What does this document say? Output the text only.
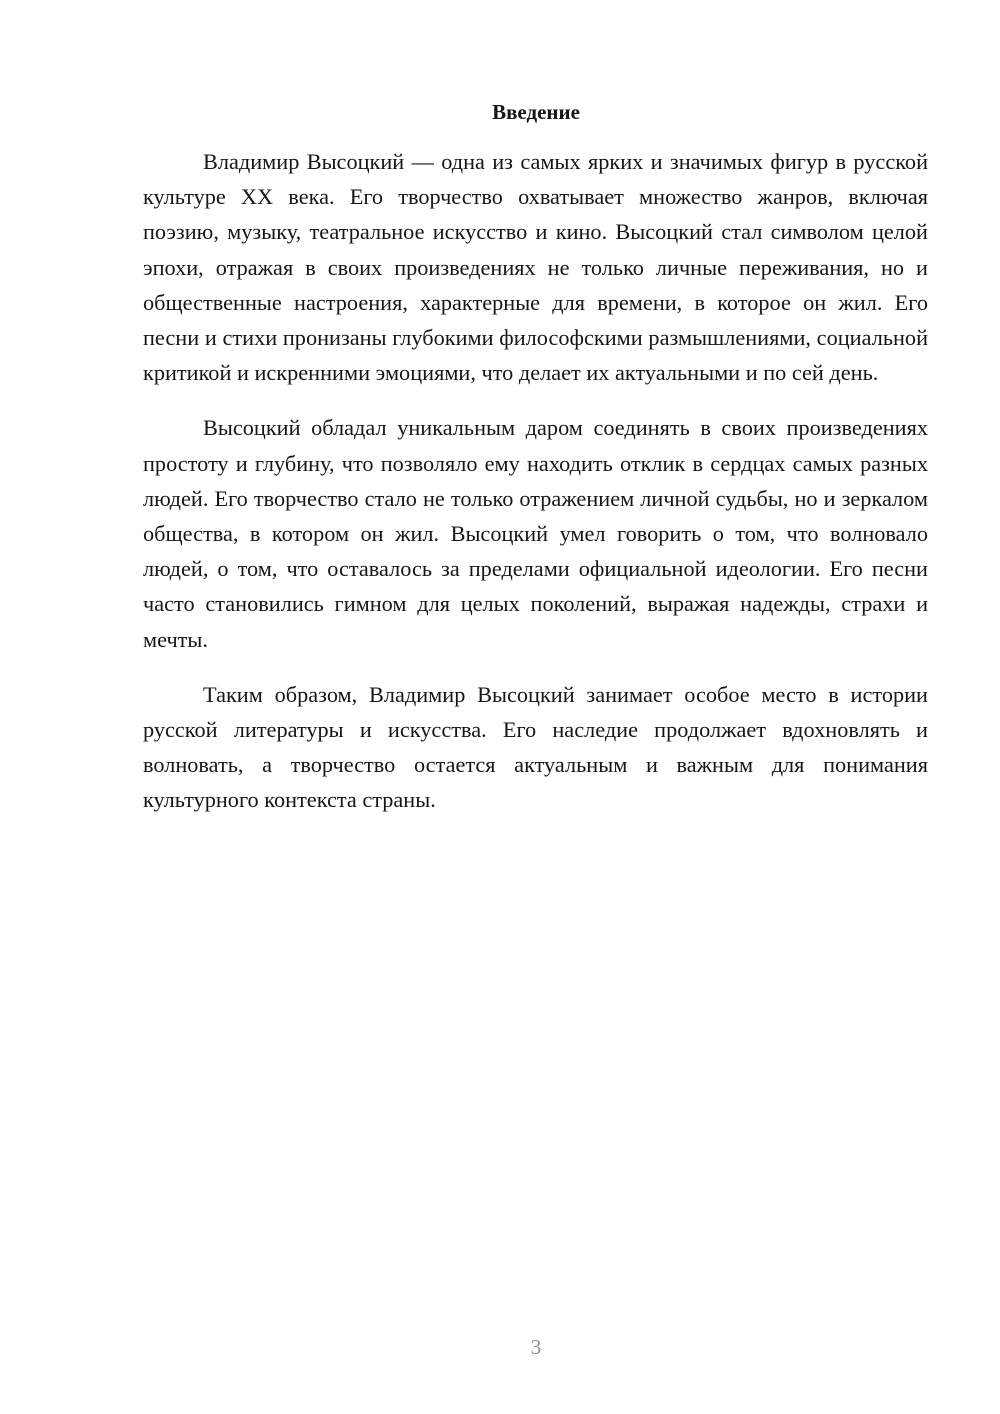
Введение

Владимир Высоцкий — одна из самых ярких и значимых фигур в русской культуре XX века. Его творчество охватывает множество жанров, включая поэзию, музыку, театральное искусство и кино. Высоцкий стал символом целой эпохи, отражая в своих произведениях не только личные переживания, но и общественные настроения, характерные для времени, в которое он жил. Его песни и стихи пронизаны глубокими философскими размышлениями, социальной критикой и искренними эмоциями, что делает их актуальными и по сей день.

Высоцкий обладал уникальным даром соединять в своих произведениях простоту и глубину, что позволяло ему находить отклик в сердцах самых разных людей. Его творчество стало не только отражением личной судьбы, но и зеркалом общества, в котором он жил. Высоцкий умел говорить о том, что волновало людей, о том, что оставалось за пределами официальной идеологии. Его песни часто становились гимном для целых поколений, выражая надежды, страхи и мечты.

Таким образом, Владимир Высоцкий занимает особое место в истории русской литературы и искусства. Его наследие продолжает вдохновлять и волновать, а творчество остается актуальным и важным для понимания культурного контекста страны.

3
